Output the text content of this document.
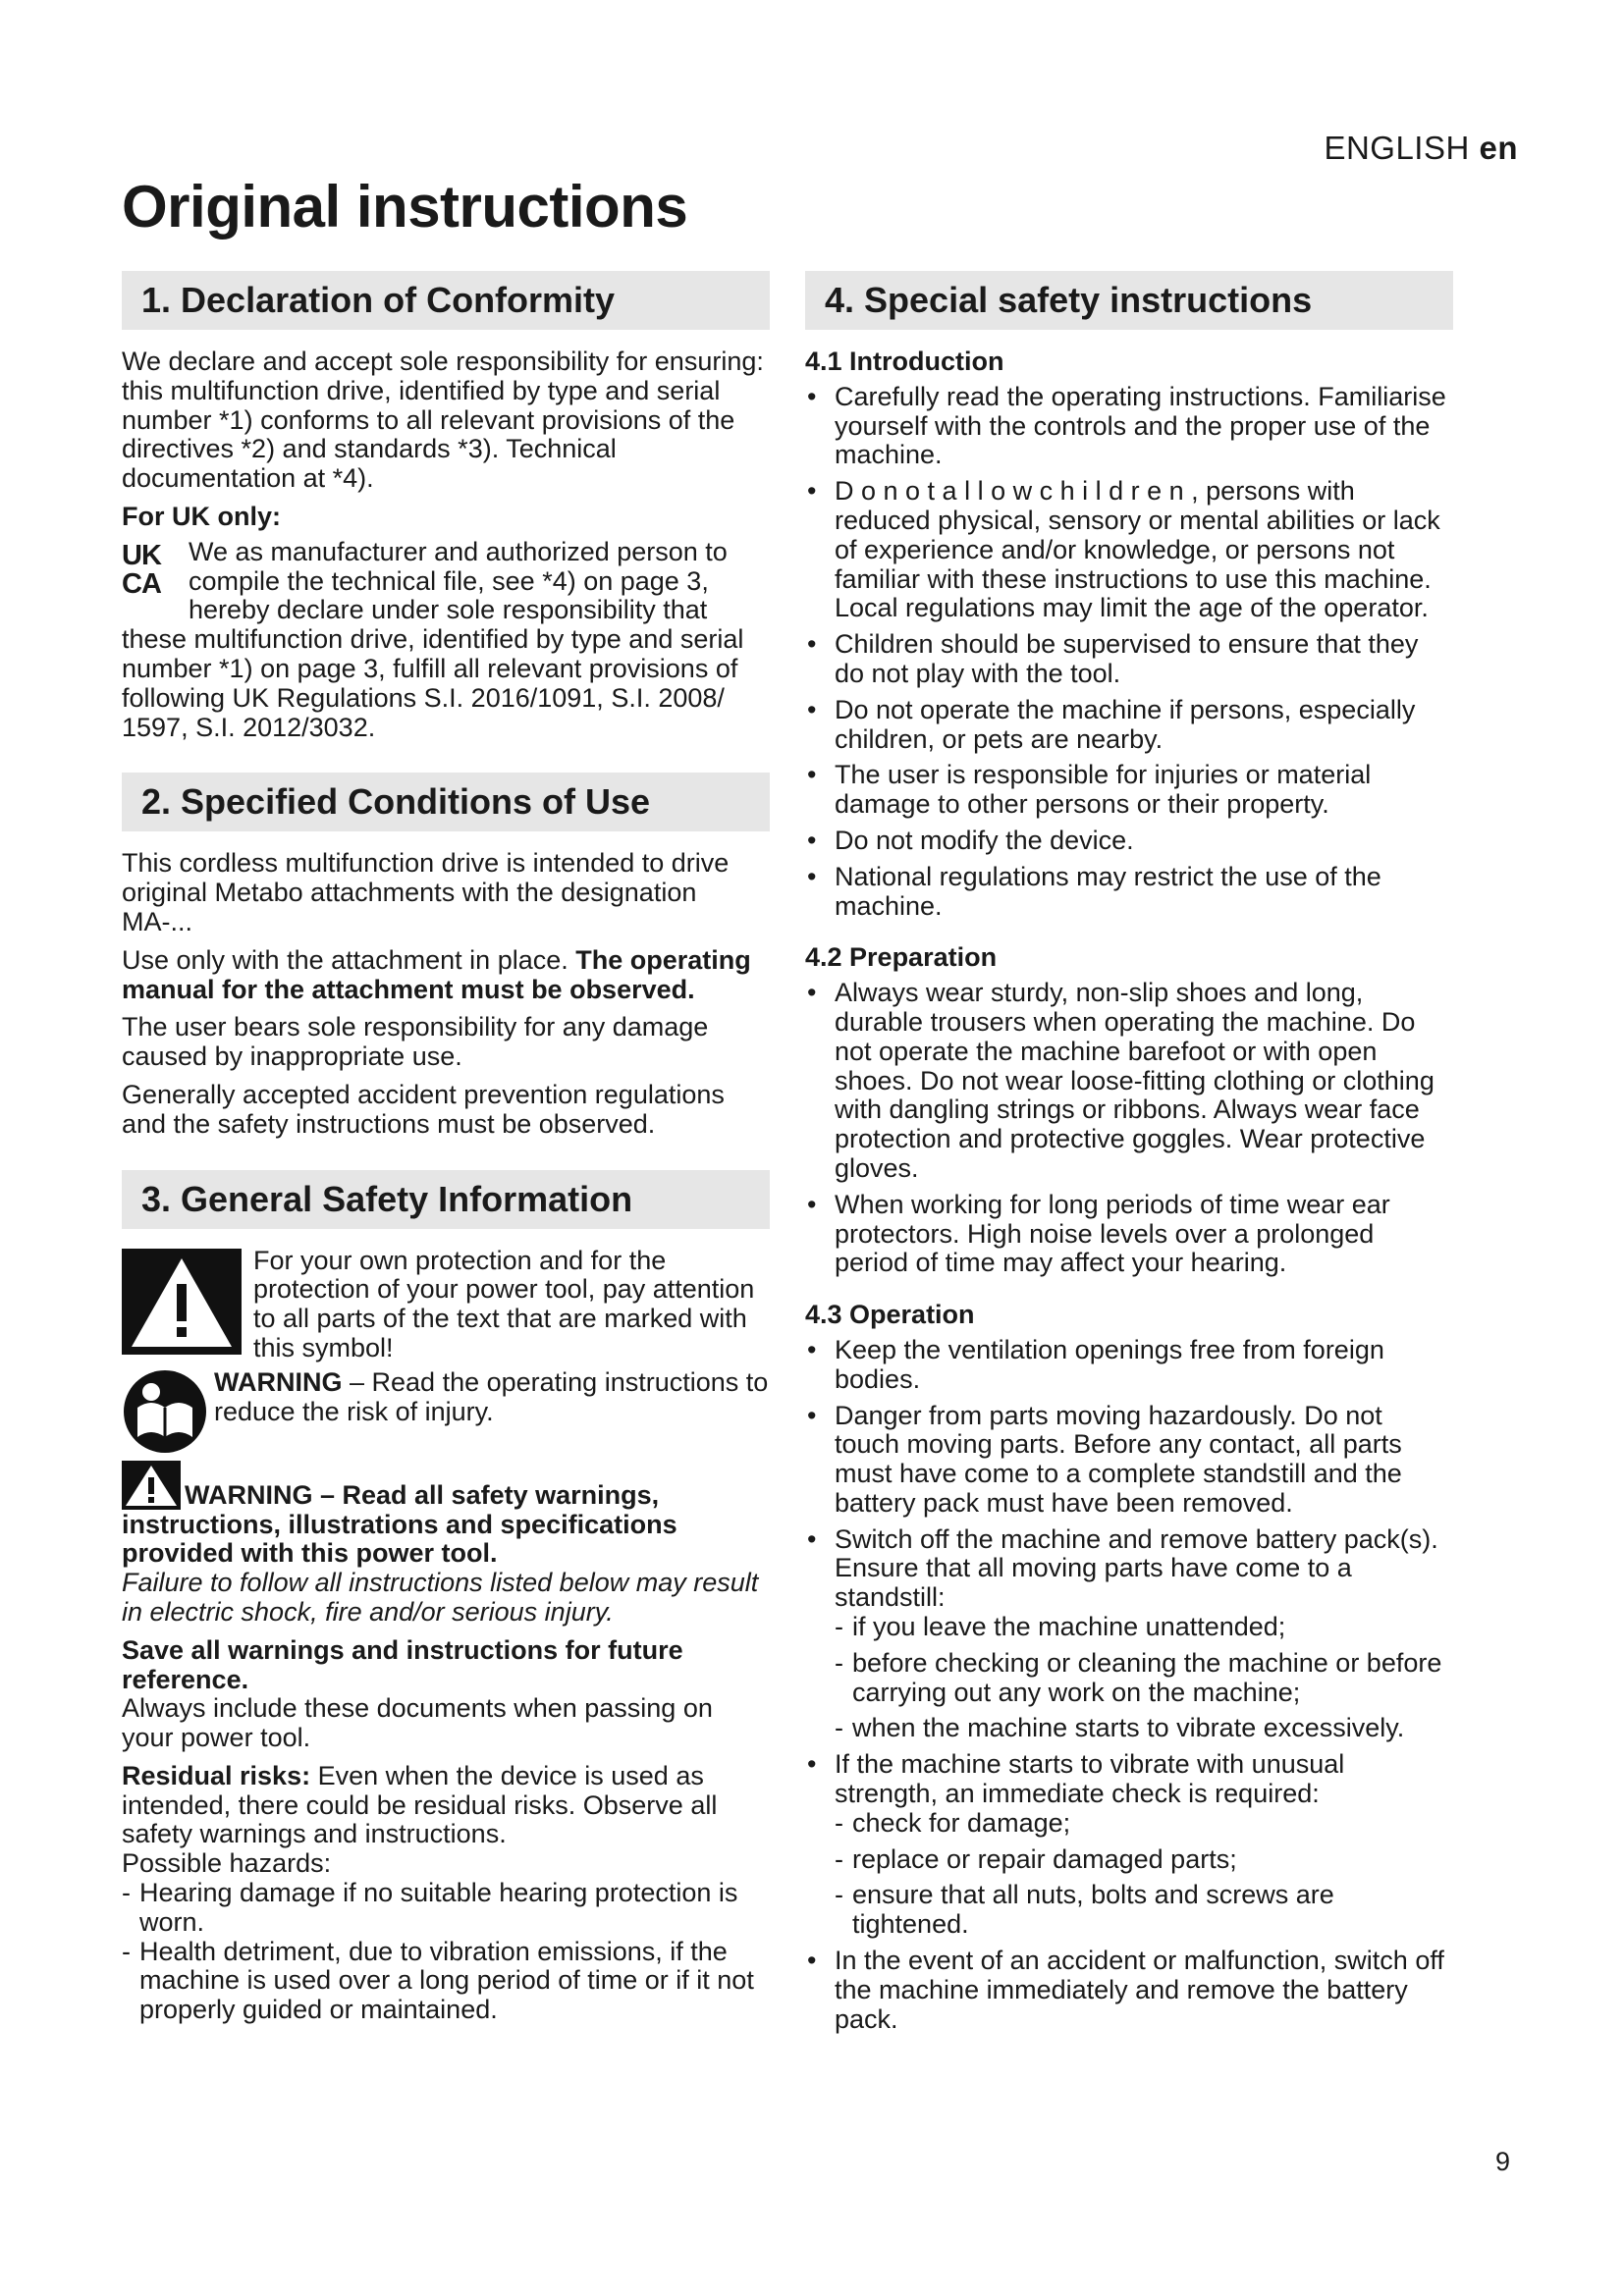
ENGLISH en
Original instructions
1. Declaration of Conformity

We declare and accept sole responsibility for ensuring: this multifunction drive, identified by type and serial number *1) conforms to all relevant provisions of the directives *2) and standards *3). Technical documentation at *4).

For UK only:
UK
CA

We as manufacturer and authorized person to compile the technical file, see *4) on page 3, hereby declare under sole responsibility that these multifunction drive, identified by type and serial number *1) on page 3, fulfill all relevant provisions of following UK Regulations S.I. 2016/1091, S.I. 2008/ 1597, S.I. 2012/3032.

2. Specified Conditions of Use

This cordless multifunction drive is intended to drive original Metabo attachments with the designation MA-...

Use only with the attachment in place. The operating manual for the attachment must be observed.

The user bears sole responsibility for any damage caused by inappropriate use.

Generally accepted accident prevention regulations and the safety instructions must be observed.

3. General Safety Information

For your own protection and for the protection of your power tool, pay attention to all parts of the text that are marked with this symbol!

WARNING – Read the operating instructions to reduce the risk of injury.

WARNING – Read all safety warnings, instructions, illustrations and specifications provided with this power tool.

Failure to follow all instructions listed below may result in electric shock, fire and/or serious injury.

Save all warnings and instructions for future reference.

Always include these documents when passing on your power tool.

Residual risks: Even when the device is used as intended, there could be residual risks. Observe all safety warnings and instructions.

Possible hazards:

- Hearing damage if no suitable hearing protection is worn.
- Health detriment, due to vibration emissions, if the machine is used over a long period of time or if it not properly guided or maintained.
4. Special safety instructions
4.1 Introduction
• Carefully read the operating instructions. Familiarise yourself with the controls and the proper use of the machine.
• D o n o t a l l o w c h i l d r e n , persons with reduced physical, sensory or mental abilities or lack of experience and/or knowledge, or persons not familiar with these instructions to use this machine. Local regulations may limit the age of the operator.
• Children should be supervised to ensure that they do not play with the tool.
• Do not operate the machine if persons, especially children, or pets are nearby.
• The user is responsible for injuries or material damage to other persons or their property.
• Do not modify the device.
• National regulations may restrict the use of the machine.
4.2 Preparation
• Always wear sturdy, non-slip shoes and long, durable trousers when operating the machine. Do not operate the machine barefoot or with open shoes. Do not wear loose-fitting clothing or clothing with dangling strings or ribbons. Always wear face protection and protective goggles. Wear protective gloves.
• When working for long periods of time wear ear protectors. High noise levels over a prolonged period of time may affect your hearing.
4.3 Operation
• Keep the ventilation openings free from foreign bodies.
• Danger from parts moving hazardously. Do not touch moving parts. Before any contact, all parts must have come to a complete standstill and the battery pack must have been removed.
• Switch off the machine and remove battery pack(s). Ensure that all moving parts have come to a standstill:
- if you leave the machine unattended;
- before checking or cleaning the machine or before carrying out any work on the machine;
- when the machine starts to vibrate excessively.
• If the machine starts to vibrate with unusual strength, an immediate check is required:
- check for damage;
- replace or repair damaged parts;
- ensure that all nuts, bolts and screws are tightened.
• In the event of an accident or malfunction, switch off the machine immediately and remove the battery pack.
9
